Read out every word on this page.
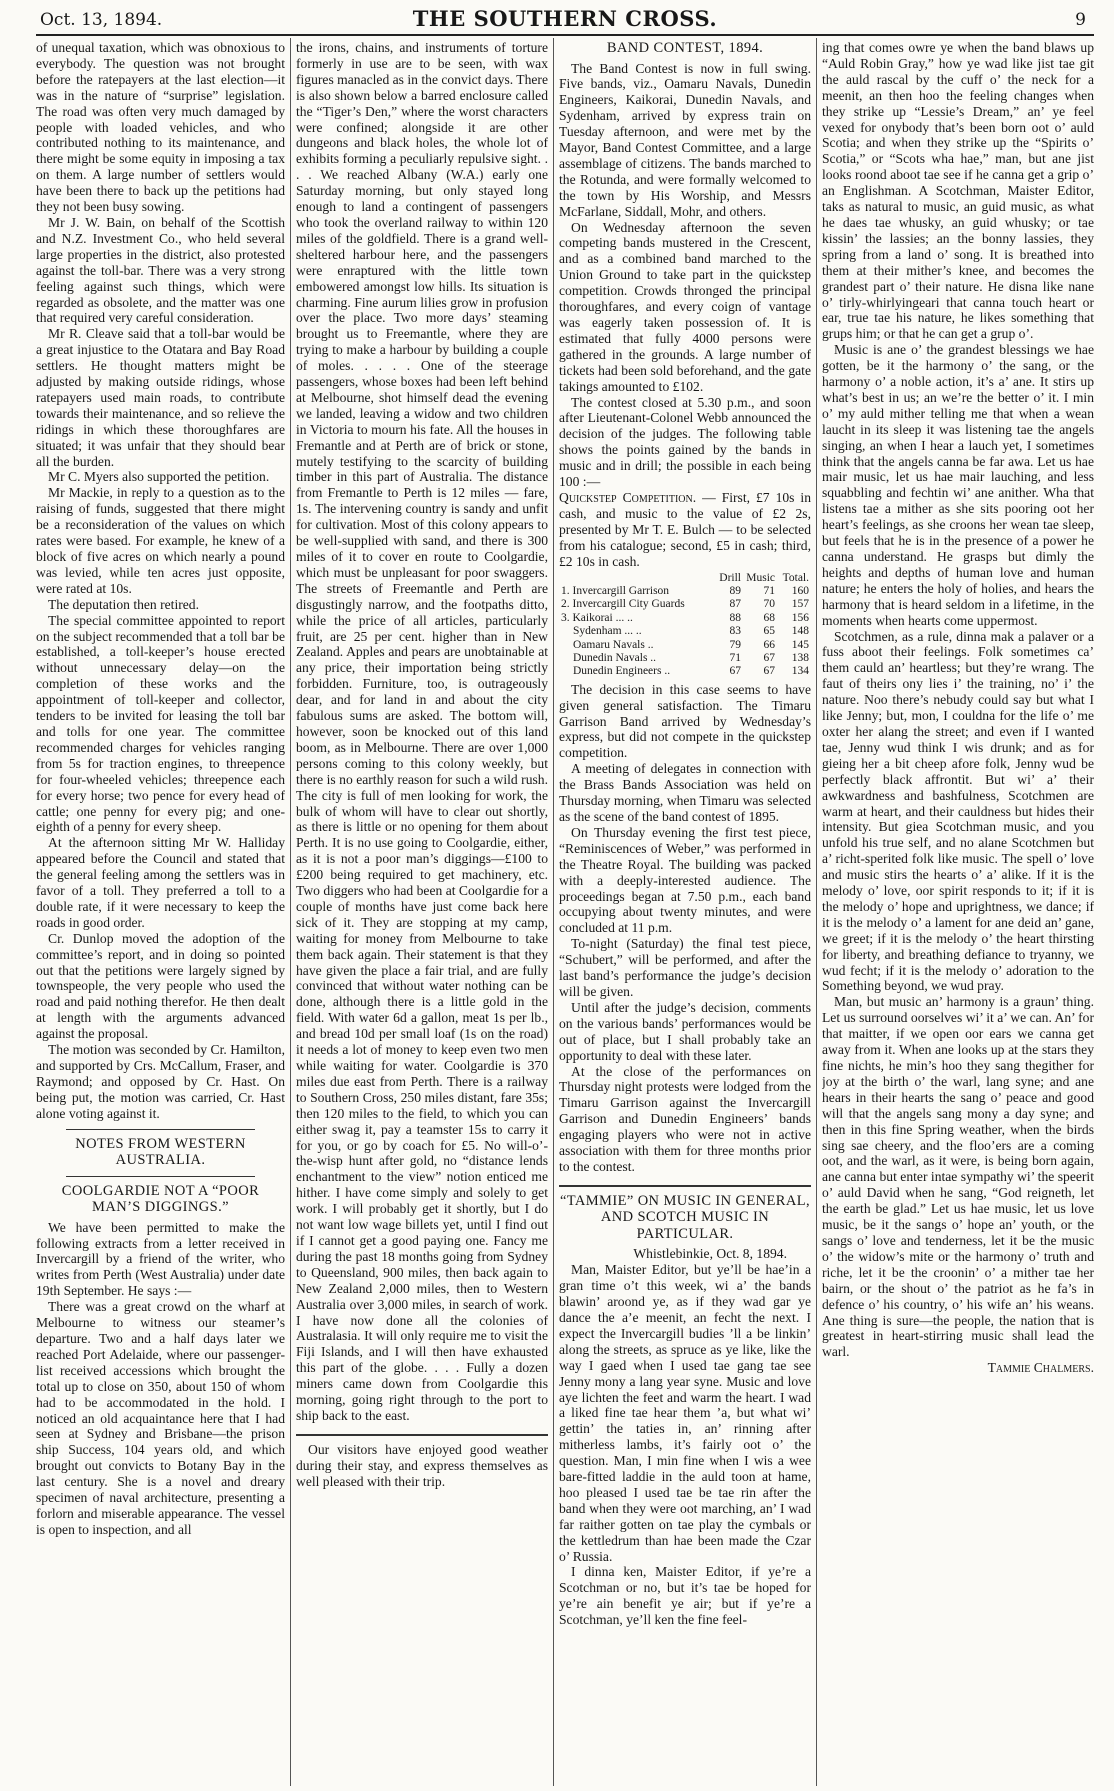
Oct. 13, 1894.	THE SOUTHERN CROSS.	9

of unequal taxation, which was obnoxious to everybody. The question was not brought before the ratepayers at the last election—it was in the nature of “surprise” legislation. The road was often very much damaged by people with loaded vehicles, and who contributed nothing to its maintenance, and there might be some equity in imposing a tax on them. A large number of settlers would have been there to back up the petitions had they not been busy sowing.

Mr J. W. Bain, on behalf of the Scottish and N.Z. Investment Co., who held several large properties in the district, also protested against the toll-bar. There was a very strong feeling against such things, which were regarded as obsolete, and the matter was one that required very careful consideration.

Mr R. Cleave said that a toll-bar would be a great injustice to the Otatara and Bay Road settlers. He thought matters might be adjusted by making outside ridings, whose ratepayers used main roads, to contribute towards their maintenance, and so relieve the ridings in which these thoroughfares are situated; it was unfair that they should bear all the burden.

Mr C. Myers also supported the petition.

Mr Mackie, in reply to a question as to the raising of funds, suggested that there might be a reconsideration of the values on which rates were based. For example, he knew of a block of five acres on which nearly a pound was levied, while ten acres just opposite, were rated at 10s.

The deputation then retired.

The special committee appointed to report on the subject recommended that a toll bar be established, a toll-keeper’s house erected without unnecessary delay—on the completion of these works and the appointment of toll-keeper and collector, tenders to be invited for leasing the toll bar and tolls for one year. The committee recommended charges for vehicles ranging from 5s for traction engines, to threepence for four-wheeled vehicles; threepence each for every horse; two pence for every head of cattle; one penny for every pig; and one-eighth of a penny for every sheep.

At the afternoon sitting Mr W. Halliday appeared before the Council and stated that the general feeling among the settlers was in favor of a toll. They preferred a toll to a double rate, if it were necessary to keep the roads in good order.

Cr. Dunlop moved the adoption of the committee’s report, and in doing so pointed out that the petitions were largely signed by townspeople, the very people who used the road and paid nothing therefor. He then dealt at length with the arguments advanced against the proposal.

The motion was seconded by Cr. Hamilton, and supported by Crs. McCallum, Fraser, and Raymond; and opposed by Cr. Hast. On being put, the motion was carried, Cr. Hast alone voting against it.

NOTES FROM WESTERN AUSTRALIA.

COOLGARDIE NOT A “POOR MAN’S DIGGINGS.”

We have been permitted to make the following extracts from a letter received in Invercargill by a friend of the writer, who writes from Perth (West Australia) under date 19th September. He says :—

There was a great crowd on the wharf at Melbourne to witness our steamer’s departure. Two and a half days later we reached Port Adelaide, where our passenger-list received accessions which brought the total up to close on 350, about 150 of whom had to be accommodated in the hold. I noticed an old acquaintance here that I had seen at Sydney and Brisbane—the prison ship Success, 104 years old, and which brought out convicts to Botany Bay in the last century. She is a novel and dreary specimen of naval architecture, presenting a forlorn and miserable appearance. The vessel is open to inspection, and all

the irons, chains, and instruments of torture formerly in use are to be seen, with wax figures manacled as in the convict days. There is also shown below a barred enclosure called the “Tiger’s Den,” where the worst characters were confined; alongside it are other dungeons and black holes, the whole lot of exhibits forming a peculiarly repulsive sight. . . . We reached Albany (W.A.) early one Saturday morning, but only stayed long enough to land a contingent of passengers who took the overland railway to within 120 miles of the goldfield. There is a grand well-sheltered harbour here, and the passengers were enraptured with the little town embowered amongst low hills. Its situation is charming. Fine aurum lilies grow in profusion over the place. Two more days’ steaming brought us to Freemantle, where they are trying to make a harbour by building a couple of moles. . . . . One of the steerage passengers, whose boxes had been left behind at Melbourne, shot himself dead the evening we landed, leaving a widow and two children in Victoria to mourn his fate. All the houses in Fremantle and at Perth are of brick or stone, mutely testifying to the scarcity of building timber in this part of Australia. The distance from Fremantle to Perth is 12 miles — fare, 1s. The intervening country is sandy and unfit for cultivation. Most of this colony appears to be well-supplied with sand, and there is 300 miles of it to cover en route to Coolgardie, which must be unpleasant for poor swaggers. The streets of Freemantle and Perth are disgustingly narrow, and the footpaths ditto, while the price of all articles, particularly fruit, are 25 per cent. higher than in New Zealand. Apples and pears are unobtainable at any price, their importation being strictly forbidden. Furniture, too, is outrageously dear, and for land in and about the city fabulous sums are asked. The bottom will, however, soon be knocked out of this land boom, as in Melbourne. There are over 1,000 persons coming to this colony weekly, but there is no earthly reason for such a wild rush. The city is full of men looking for work, the bulk of whom will have to clear out shortly, as there is little or no opening for them about Perth. It is no use going to Coolgardie, either, as it is not a poor man’s diggings—£100 to £200 being required to get machinery, etc. Two diggers who had been at Coolgardie for a couple of months have just come back here sick of it. They are stopping at my camp, waiting for money from Melbourne to take them back again. Their statement is that they have given the place a fair trial, and are fully convinced that without water nothing can be done, although there is a little gold in the field. With water 6d a gallon, meat 1s per lb., and bread 10d per small loaf (1s on the road) it needs a lot of money to keep even two men while waiting for water. Coolgardie is 370 miles due east from Perth. There is a railway to Southern Cross, 250 miles distant, fare 35s; then 120 miles to the field, to which you can either swag it, pay a teamster 15s to carry it for you, or go by coach for £5. No will-o’-the-wisp hunt after gold, no “distance lends enchantment to the view” notion enticed me hither. I have come simply and solely to get work. I will probably get it shortly, but I do not want low wage billets yet, until I find out if I cannot get a good paying one. Fancy me during the past 18 months going from Sydney to Queensland, 900 miles, then back again to New Zealand 2,000 miles, then to Western Australia over 3,000 miles, in search of work. I have now done all the colonies of Australasia. It will only require me to visit the Fiji Islands, and I will then have exhausted this part of the globe. . . . Fully a dozen miners came down from Coolgardie this morning, going right through to the port to ship back to the east.

Our visitors have enjoyed good weather during their stay, and express themselves as well pleased with their trip.

BAND CONTEST, 1894.

The Band Contest is now in full swing. Five bands, viz., Oamaru Navals, Dunedin Engineers, Kaikorai, Dunedin Navals, and Sydenham, arrived by express train on Tuesday afternoon, and were met by the Mayor, Band Contest Committee, and a large assemblage of citizens. The bands marched to the Rotunda, and were formally welcomed to the town by His Worship, and Messrs McFarlane, Siddall, Mohr, and others.

On Wednesday afternoon the seven competing bands mustered in the Crescent, and as a combined band marched to the Union Ground to take part in the quickstep competition. Crowds thronged the principal thoroughfares, and every coign of vantage was eagerly taken possession of. It is estimated that fully 4000 persons were gathered in the grounds. A large number of tickets had been sold beforehand, and the gate takings amounted to £102.

The contest closed at 5.30 p.m., and soon after Lieutenant-Colonel Webb announced the decision of the judges. The following table shows the points gained by the bands in music and in drill; the possible in each being 100 :—

Quickstep Competition. — First, £7 10s in cash, and music to the value of £2 2s, presented by Mr T. E. Bulch — to be selected from his catalogue; second, £5 in cash; third, £2 10s in cash.

	Drill	Music	Total.
1. Invercargill Garrison	89	71	160
2. Invercargill City Guards	87	70	157
3. Kaikorai ... ..	88	68	156
Sydenham ... ..	83	65	148
Oamaru Navals ..	79	66	145
Dunedin Navals ..	71	67	138
Dunedin Engineers ..	67	67	134

The decision in this case seems to have given general satisfaction. The Timaru Garrison Band arrived by Wednesday’s express, but did not compete in the quickstep competition.

A meeting of delegates in connection with the Brass Bands Association was held on Thursday morning, when Timaru was selected as the scene of the band contest of 1895.

On Thursday evening the first test piece, “Reminiscences of Weber,” was performed in the Theatre Royal. The building was packed with a deeply-interested audience. The proceedings began at 7.50 p.m., each band occupying about twenty minutes, and were concluded at 11 p.m.

To-night (Saturday) the final test piece, “Schubert,” will be performed, and after the last band’s performance the judge’s decision will be given.

Until after the judge’s decision, comments on the various bands’ performances would be out of place, but I shall probably take an opportunity to deal with these later.

At the close of the performances on Thursday night protests were lodged from the Timaru Garrison against the Invercargill Garrison and Dunedin Engineers’ bands engaging players who were not in active association with them for three months prior to the contest.

“TAMMIE” ON MUSIC IN GENERAL, AND SCOTCH MUSIC IN PARTICULAR.

Whistlebinkie, Oct. 8, 1894.

Man, Maister Editor, but ye’ll be hae’in a gran time o’t this week, wi a’ the bands blawin’ aroond ye, as if they wad gar ye dance the a’e meenit, an fecht the next. I expect the Invercargill budies ’ll a be linkin’ along the streets, as spruce as ye like, like the way I gaed when I used tae gang tae see Jenny mony a lang year syne. Music and love aye lichten the feet and warm the heart. I wad a liked fine tae hear them ’a, but what wi’ gettin’ the taties in, an’ rinning after mitherless lambs, it’s fairly oot o’ the question. Man, I min fine when I wis a wee bare-fitted laddie in the auld toon at hame, hoo pleased I used tae be tae rin after the band when they were oot marching, an’ I wad far raither gotten on tae play the cymbals or the kettledrum than hae been made the Czar o’ Russia.

I dinna ken, Maister Editor, if ye’re a Scotchman or no, but it’s tae be hoped for ye’re ain benefit ye air; but if ye’re a Scotchman, ye’ll ken the fine feel-

ing that comes owre ye when the band blaws up “Auld Robin Gray,” how ye wad like jist tae git the auld rascal by the cuff o’ the neck for a meenit, an then hoo the feeling changes when they strike up “Lessie’s Dream,” an’ ye feel vexed for onybody that’s been born oot o’ auld Scotia; and when they strike up the “Spirits o’ Scotia,” or “Scots wha hae,” man, but ane jist looks roond aboot tae see if he canna get a grip o’ an Englishman. A Scotchman, Maister Editor, taks as natural to music, an guid music, as what he daes tae whusky, an guid whusky; or tae kissin’ the lassies; an the bonny lassies, they spring from a land o’ song. It is breathed into them at their mither’s knee, and becomes the grandest part o’ their nature. He disna like nane o’ tirly-whirlyingeari that canna touch heart or ear, true tae his nature, he likes something that grups him; or that he can get a grup o’.

Music is ane o’ the grandest blessings we hae gotten, be it the harmony o’ the sang, or the harmony o’ a noble action, it’s a’ ane. It stirs up what’s best in us; an we’re the better o’ it. I min o’ my auld mither telling me that when a wean laucht in its sleep it was listening tae the angels singing, an when I hear a lauch yet, I sometimes think that the angels canna be far awa. Let us hae mair music, let us hae mair lauching, and less squabbling and fechtin wi’ ane anither. Wha that listens tae a mither as she sits pooring oot her heart’s feelings, as she croons her wean tae sleep, but feels that he is in the presence of a power he canna understand. He grasps but dimly the heights and depths of human love and human nature; he enters the holy of holies, and hears the harmony that is heard seldom in a lifetime, in the moments when hearts come uppermost.

Scotchmen, as a rule, dinna mak a palaver or a fuss aboot their feelings. Folk sometimes ca’ them cauld an’ heartless; but they’re wrang. The faut of theirs ony lies i’ the training, no’ i’ the nature. Noo there’s nebudy could say but what I like Jenny; but, mon, I couldna for the life o’ me oxter her alang the street; and even if I wanted tae, Jenny wud think I wis drunk; and as for gieing her a bit cheep afore folk, Jenny wud be perfectly black affrontit. But wi’ a’ their awkwardness and bashfulness, Scotchmen are warm at heart, and their cauldness but hides their intensity. But giea Scotchman music, and you unfold his true self, and no alane Scotchmen but a’ richt-sperited folk like music. The spell o’ love and music stirs the hearts o’ a’ alike. If it is the melody o’ love, oor spirit responds to it; if it is the melody o’ hope and uprightness, we dance; if it is the melody o’ a lament for ane deid an’ gane, we greet; if it is the melody o’ the heart thirsting for liberty, and breathing defiance to tryanny, we wud fecht; if it is the melody o’ adoration to the Something beyond, we wud pray.

Man, but music an’ harmony is a graun’ thing. Let us surround oorselves wi’ it a’ we can. An’ for that maitter, if we open oor ears we canna get away from it. When ane looks up at the stars they fine nichts, he min’s hoo they sang thegither for joy at the birth o’ the warl, lang syne; and ane hears in their hearts the sang o’ peace and good will that the angels sang mony a day syne; and then in this fine Spring weather, when the birds sing sae cheery, and the floo’ers are a coming oot, and the warl, as it were, is being born again, ane canna but enter intae sympathy wi’ the speerit o’ auld David when he sang, “God reigneth, let the earth be glad.” Let us hae music, let us love music, be it the sangs o’ hope an’ youth, or the sangs o’ love and tenderness, let it be the music o’ the widow’s mite or the harmony o’ truth and riche, let it be the croonin’ o’ a mither tae her bairn, or the shout o’ the patriot as he fa’s in defence o’ his country, o’ his wife an’ his weans. Ane thing is sure—the people, the nation that is greatest in heart-stirring music shall lead the warl.

Tammie Chalmers.
